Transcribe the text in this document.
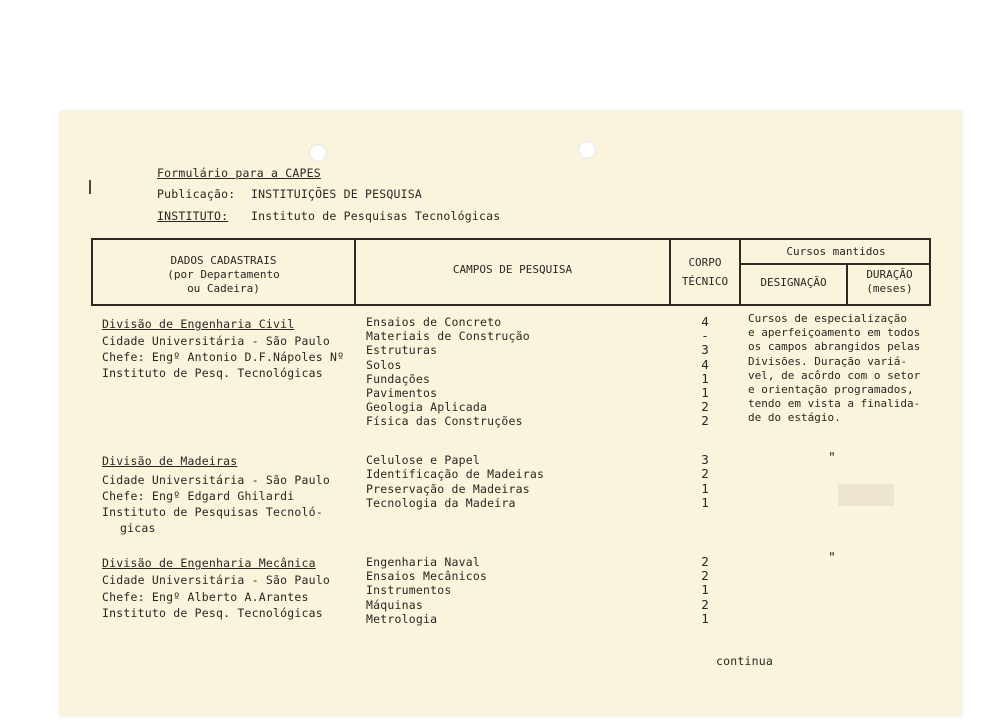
Formulário para a CAPES
Publicação: INSTITUIÇÕES DE PESQUISA
INSTITUTO: Instituto de Pesquisas Tecnológicas
DADOS CADASTRAIS
(por Departamento
ou Cadeira)
CAMPOS DE PESQUISA
CORPO
TÉCNICO
Cursos mantidos
DESIGNAÇÃO
DURAÇÃO
(meses)
Divisão de Engenharia Civil
Cidade Universitária - São Paulo
Chefe: Engº Antonio D.F.Nápoles Nº
Instituto de Pesq. Tecnológicas
Ensaios de Concreto
Materiais de Construção
Estruturas
Solos
Fundações
Pavimentos
Geologia Aplicada
Física das Construções
4
-
3
4
1
1
2
2
Cursos de especialização
e aperfeiçoamento em todos
os campos abrangidos pelas
Divisões. Duração variá-
vel, de acôrdo com o setor
e orientação programados,
tendo em vista a finalida-
de do estágio.
Divisão de Madeiras
Cidade Universitária - São Paulo
Chefe: Engº Edgard Ghilardi
Instituto de Pesquisas Tecnoló-
gicas
Celulose e Papel
Identificação de Madeiras
Preservação de Madeiras
Tecnologia da Madeira
3
2
1
1
"
Divisão de Engenharia Mecânica
Cidade Universitária - São Paulo
Chefe: Engº Alberto A.Arantes
Instituto de Pesq. Tecnológicas
Engenharia Naval
Ensaios Mecânicos
Instrumentos
Máquinas
Metrologia
2
2
1
2
1
"
continua
